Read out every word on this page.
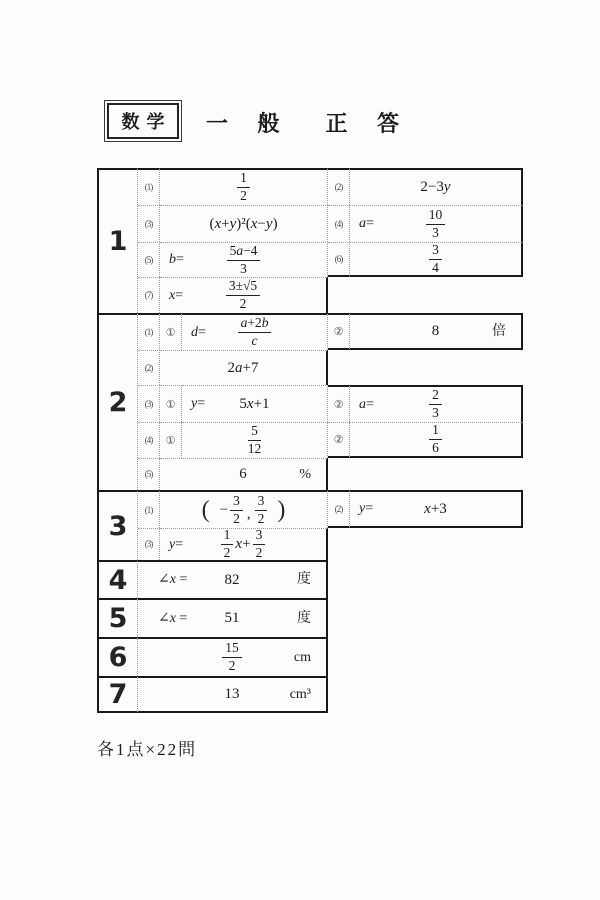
数学	一 般　正 答
1
(1)	$\frac{1}{2}$	(2)	2−3y
(3)	(x+y)²(x−y)	(4)	a=	$\frac{10}{3}$
(5)	b=	$\frac{5a-4}{3}$	(6)	$\frac{3}{4}$
(7)	x=	$\frac{3\pm√5}{2}$
2
(1)	①	$d= \frac{a+2b}{c}$	②	8	倍
(2)	2a+7
(3)	①	y= 5x+1	②	a=	$\frac{2}{3}$
(4)	①	$\frac{5}{12}$	②	$\frac{1}{6}$
(5)	6	%
3
(1)	( − $\frac{3}{2}$ , $\frac{3}{2}$ )	(2)	y=	x+3
(3)	y=	$\frac{1}{2} x+ \frac{3}{2}$
4	∠x = 82	度
5	∠x = 51	度
6	$\frac{15}{2}$	cm
7	13	cm³
各1点×22問
